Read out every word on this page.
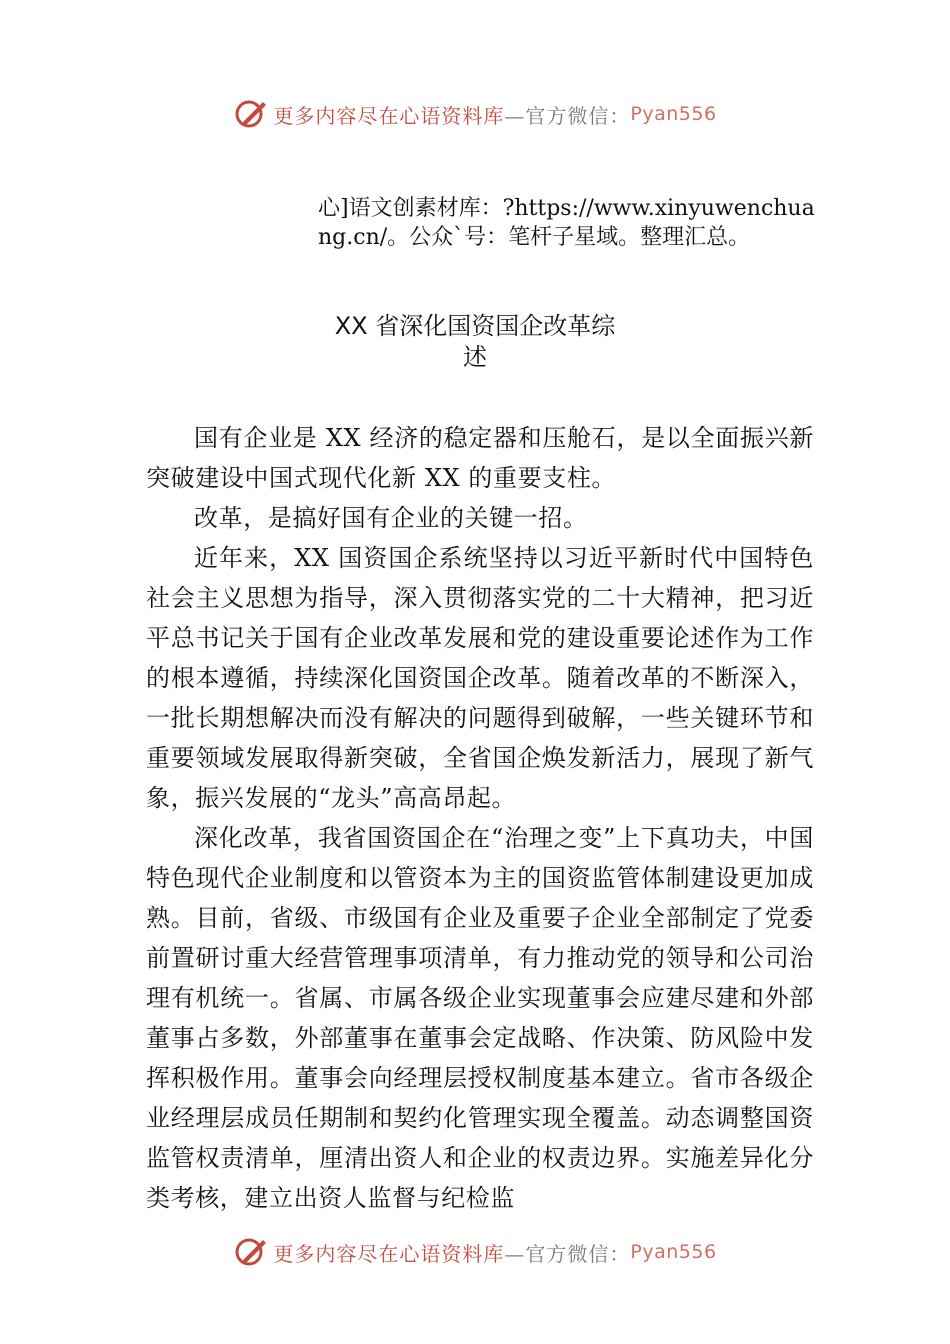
更多内容尽在心语资料库 —官方微信： Pyan556
心]语文创素材库：?https://www.xinyuwenchuang.cn/。公众`号：笔杆子星域。整理汇总。
XX 省深化国资国企改革综
述

国有企业是 XX 经济的稳定器和压舱石，是以全面振兴新突破建设中国式现代化新 XX 的重要支柱。

改革，是搞好国有企业的关键一招。

近年来，XX 国资国企系统坚持以习近平新时代中国特色社会主义思想为指导，深入贯彻落实党的二十大精神，把习近平总书记关于国有企业改革发展和党的建设重要论述作为工作的根本遵循，持续深化国资国企改革。随着改革的不断深入，一批长期想解决而没有解决的问题得到破解，一些关键环节和重要领域发展取得新突破，全省国企焕发新活力，展现了新气象，振兴发展的“龙头”高高昂起。

深化改革，我省国资国企在“治理之变”上下真功夫，中国特色现代企业制度和以管资本为主的国资监管体制建设更加成熟。目前，省级、市级国有企业及重要子企业全部制定了党委前置研讨重大经营管理事项清单，有力推动党的领导和公司治理有机统一。省属、市属各级企业实现董事会应建尽建和外部董事占多数，外部董事在董事会定战略、作决策、防风险中发挥积极作用。董事会向经理层授权制度基本建立。省市各级企业经理层成员任期制和契约化管理实现全覆盖。动态调整国资监管权责清单，厘清出资人和企业的权责边界。实施差异化分类考核，建立出资人监督与纪检监

更多内容尽在心语资料库 —官方微信： Pyan556
